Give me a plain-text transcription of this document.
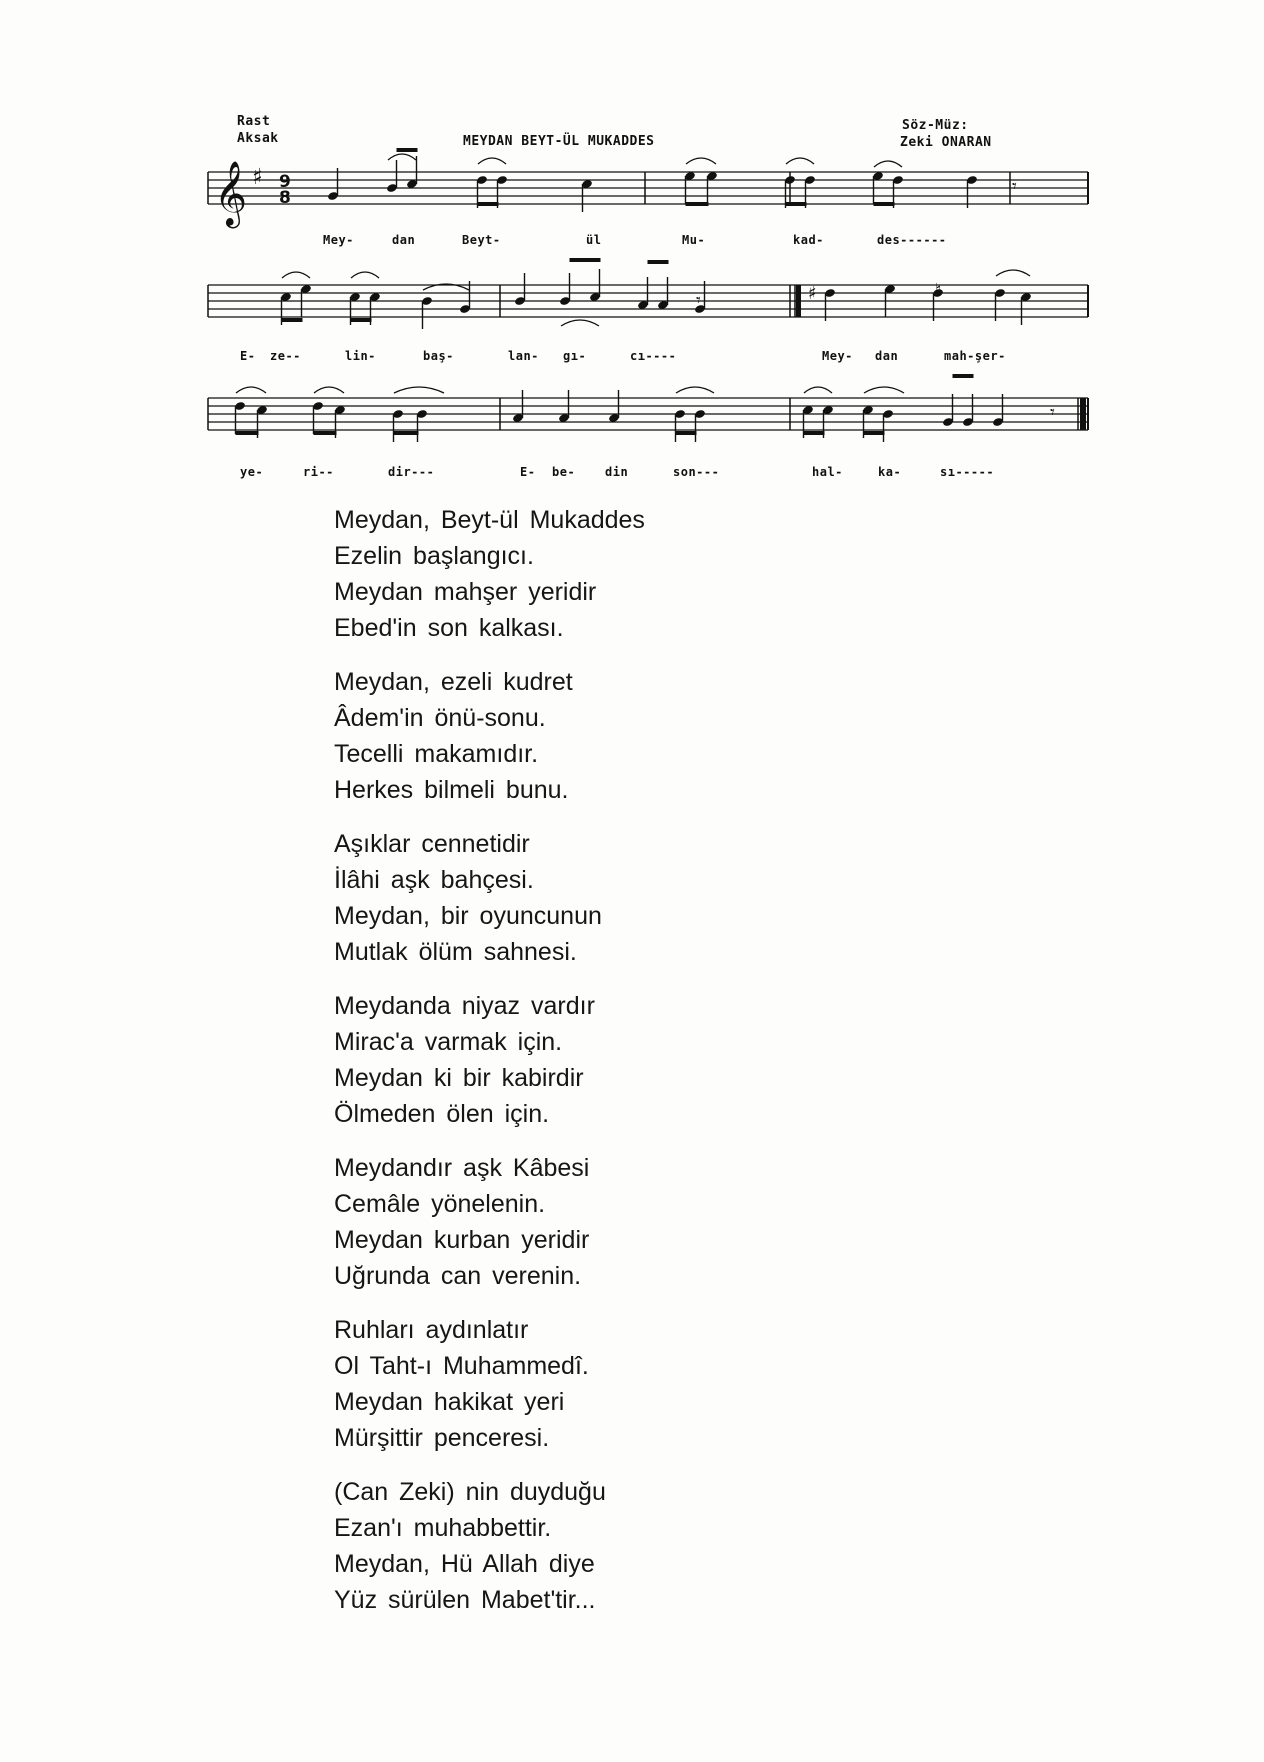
Rast
Aksak	MEYDAN BEYT-ÜL MUKADDES
Söz-Müz:
Zeki ONARAN
𝄞 ♯ 9
8
𝄾
𝄾
𝄾
♮
♯
Mey-	dan	Beyt-	ül	Mu-	kad-	des------
E- ze--	lin-	baş-	lan- gı-	cı----	Mey- dan	mah-şer-
ye-	ri--	dir---	E- be- din	son---	hal-	ka-	sı-----
Meydan, Beyt-ül Mukaddes
Ezelin başlangıcı.
Meydan mahşer yeridir
Ebed'in son kalkası.
Meydan, ezeli kudret
Âdem'in önü-sonu.
Tecelli makamıdır.
Herkes bilmeli bunu.
Aşıklar cennetidir
İlâhi aşk bahçesi.
Meydan, bir oyuncunun
Mutlak ölüm sahnesi.
Meydanda niyaz vardır
Mirac'a varmak için.
Meydan ki bir kabirdir
Ölmeden ölen için.
Meydandır aşk Kâbesi
Cemâle yönelenin.
Meydan kurban yeridir
Uğrunda can verenin.
Ruhları aydınlatır
Ol Taht-ı Muhammedî.
Meydan hakikat yeri
Mürşittir penceresi.
(Can Zeki) nin duyduğu
Ezan'ı muhabbettir.
Meydan, Hü Allah diye
Yüz sürülen Mabet'tir...
